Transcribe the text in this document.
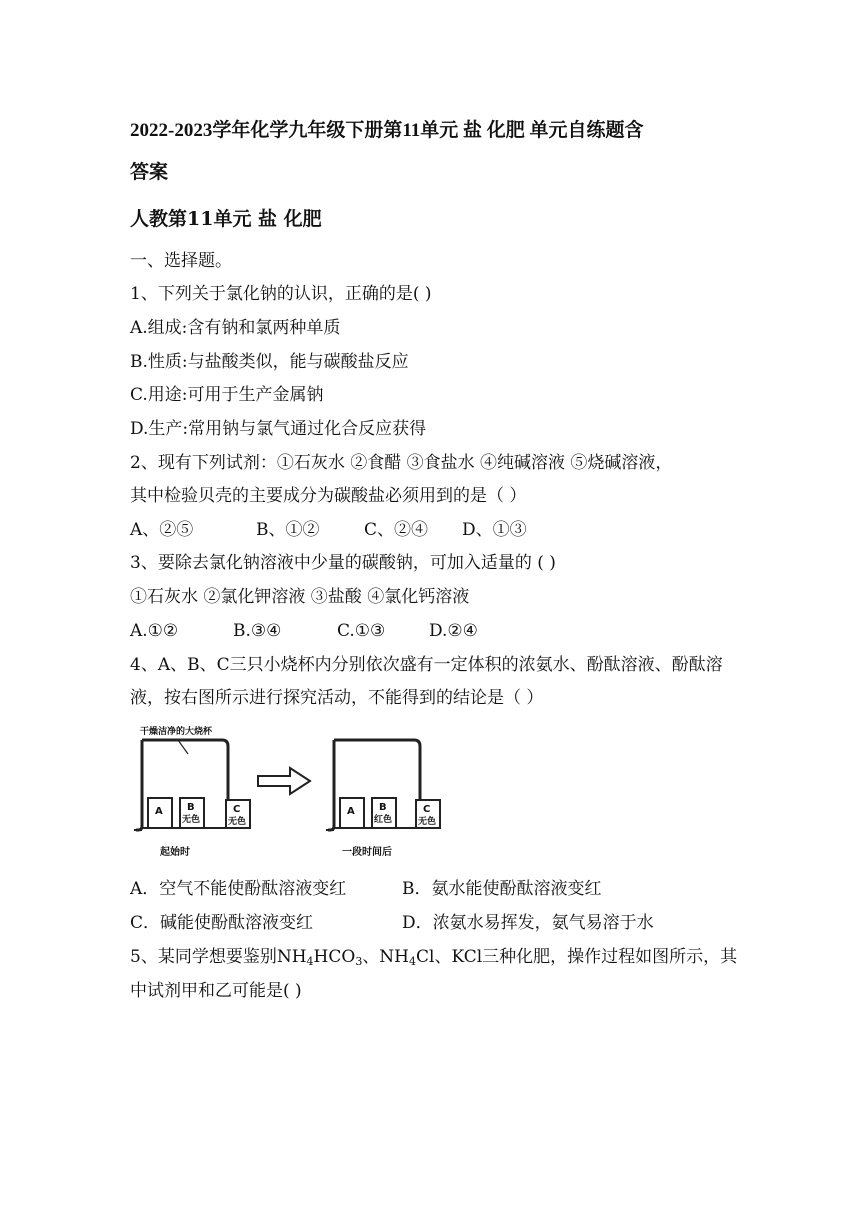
2022-2023学年化学九年级下册第11单元 盐 化肥 单元自练题含
答案
人教第11单元 盐 化肥
一、选择题。
1、下列关于氯化钠的认识，正确的是( )
A.组成:含有钠和氯两种单质
B.性质:与盐酸类似，能与碳酸盐反应
C.用途:可用于生产金属钠
D.生产:常用钠与氯气通过化合反应获得
2、现有下列试剂：①石灰水 ②食醋 ③食盐水 ④纯碱溶液 ⑤烧碱溶液，
其中检验贝壳的主要成分为碳酸盐必须用到的是（ ）
A、②⑤	B、①②	C、②④ D、①③
3、要除去氯化钠溶液中少量的碳酸钠，可加入适量的 ( )
①石灰水 ②氯化钾溶液 ③盐酸 ④氯化钙溶液
A.①②	B.③④	C.①③	D.②④
4、A、B、C三只小烧杯内分别依次盛有一定体积的浓氨水、酚酞溶液、酚酞溶
液，按右图所示进行探究活动，不能得到的结论是（ ）
干燥洁净的大烧杯
A B
无色
C
无色
起始时
A B
红色
C
无色
一段时间后
A．空气不能使酚酞溶液变红	B．氨水能使酚酞溶液变红
C．碱能使酚酞溶液变红	D．浓氨水易挥发，氨气易溶于水
5、某同学想要鉴别$NH_4HCO_3$、$NH_4Cl$、KCl三种化肥，操作过程如图所示，其
中试剂甲和乙可能是( )
